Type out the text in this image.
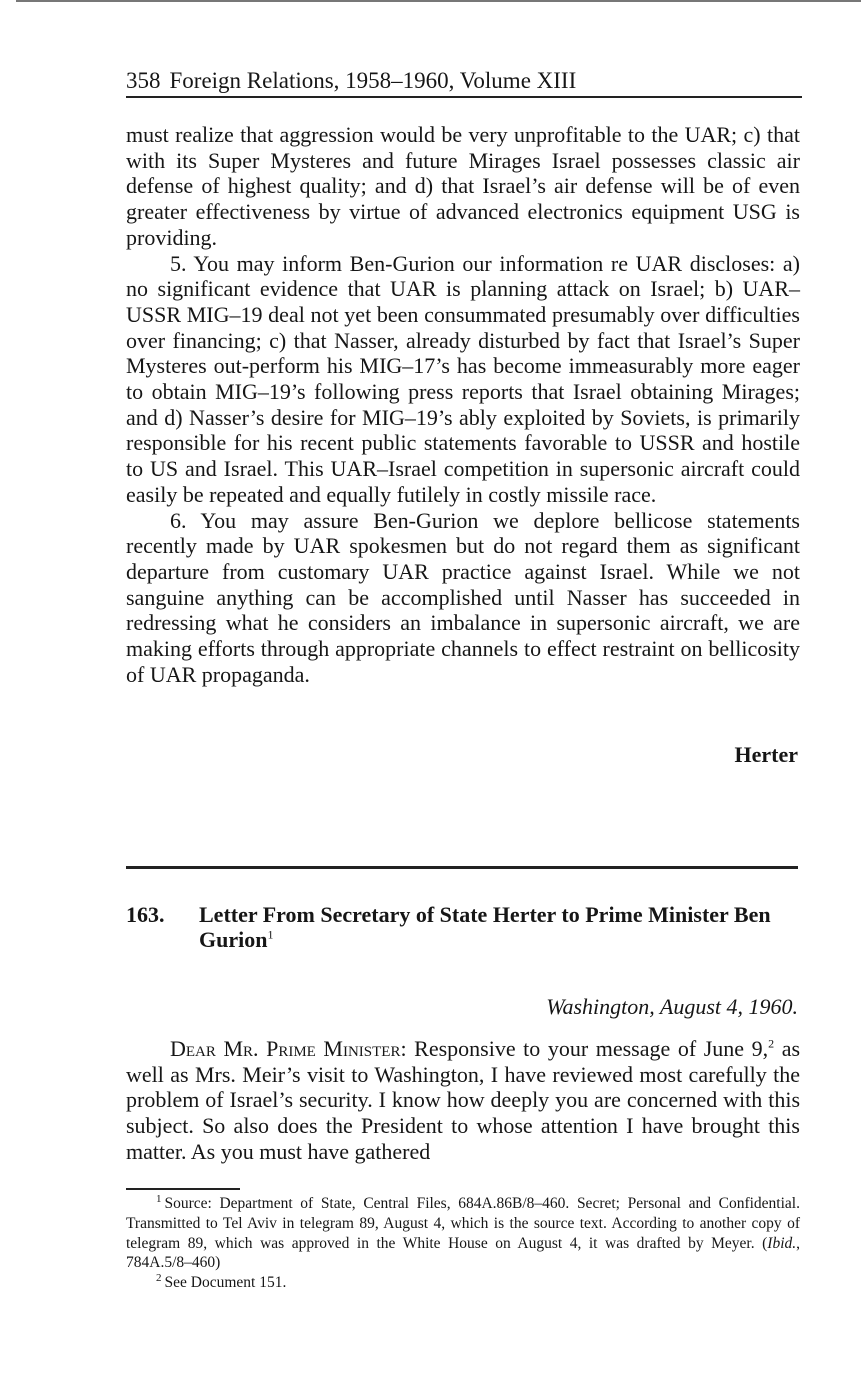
358 Foreign Relations, 1958–1960, Volume XIII

must realize that aggression would be very unprofitable to the UAR; c) that with its Super Mysteres and future Mirages Israel possesses classic air defense of highest quality; and d) that Israel’s air defense will be of even greater effectiveness by virtue of advanced electronics equipment USG is providing.

5. You may inform Ben-Gurion our information re UAR discloses: a) no significant evidence that UAR is planning attack on Israel; b) UAR–USSR MIG–19 deal not yet been consummated presumably over difficulties over financing; c) that Nasser, already disturbed by fact that Israel’s Super Mysteres out-perform his MIG–17’s has become immeasurably more eager to obtain MIG–19’s following press reports that Israel obtaining Mirages; and d) Nasser’s desire for MIG–19’s ably exploited by Soviets, is primarily responsible for his recent public statements favorable to USSR and hostile to US and Israel. This UAR–Israel competition in supersonic aircraft could easily be repeated and equally futilely in costly missile race.

6. You may assure Ben-Gurion we deplore bellicose statements recently made by UAR spokesmen but do not regard them as significant departure from customary UAR practice against Israel. While we not sanguine anything can be accomplished until Nasser has succeeded in redressing what he considers an imbalance in supersonic aircraft, we are making efforts through appropriate channels to effect restraint on bellicosity of UAR propaganda.

Herter
163.	Letter From Secretary of State Herter to Prime Minister Ben Gurion$^1$
Washington, August 4, 1960.

Dear Mr. Prime Minister: Responsive to your message of June 9,$^2$ as well as Mrs. Meir’s visit to Washington, I have reviewed most carefully the problem of Israel’s security. I know how deeply you are concerned with this subject. So also does the President to whose attention I have brought this matter. As you must have gathered

$^1$ Source: Department of State, Central Files, 684A.86B/8–460. Secret; Personal and Confidential. Transmitted to Tel Aviv in telegram 89, August 4, which is the source text. According to another copy of telegram 89, which was approved in the White House on August 4, it was drafted by Meyer. (Ibid., 784A.5/8–460)

$^2$ See Document 151.
